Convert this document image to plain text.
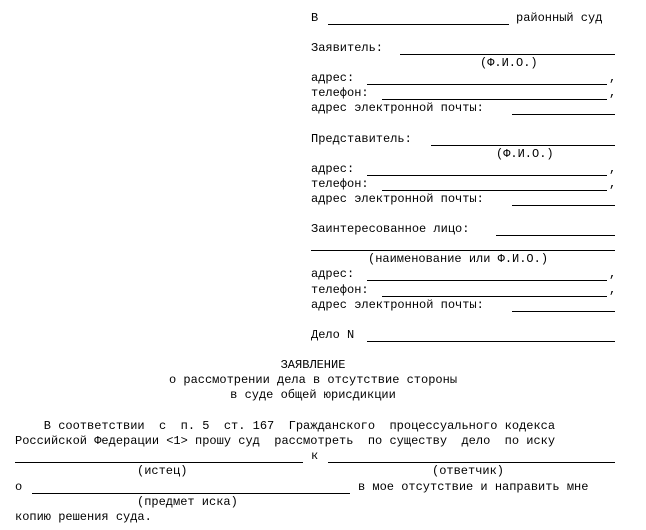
В	районный суд
Заявитель:
(Ф.И.О.)
адрес:	,
телефон:	,
адрес электронной почты:
Представитель:
(Ф.И.О.)
адрес:	,
телефон:	,
адрес электронной почты:
Заинтересованное лицо:
(наименование или Ф.И.О.)
адрес:	,
телефон:	,
адрес электронной почты:
Дело N
ЗАЯВЛЕНИЕ
о рассмотрении дела в отсутствие стороны
в суде общей юрисдикции
В соответствии  с  п. 5  ст. 167  Гражданского  процессуального кодекса
Российской Федерации <1> прошу суд  рассмотреть  по существу  дело  по иску
к
(истец)	(ответчик)
о	в мое отсутствие и направить мне
(предмет иска)
копию решения суда.
